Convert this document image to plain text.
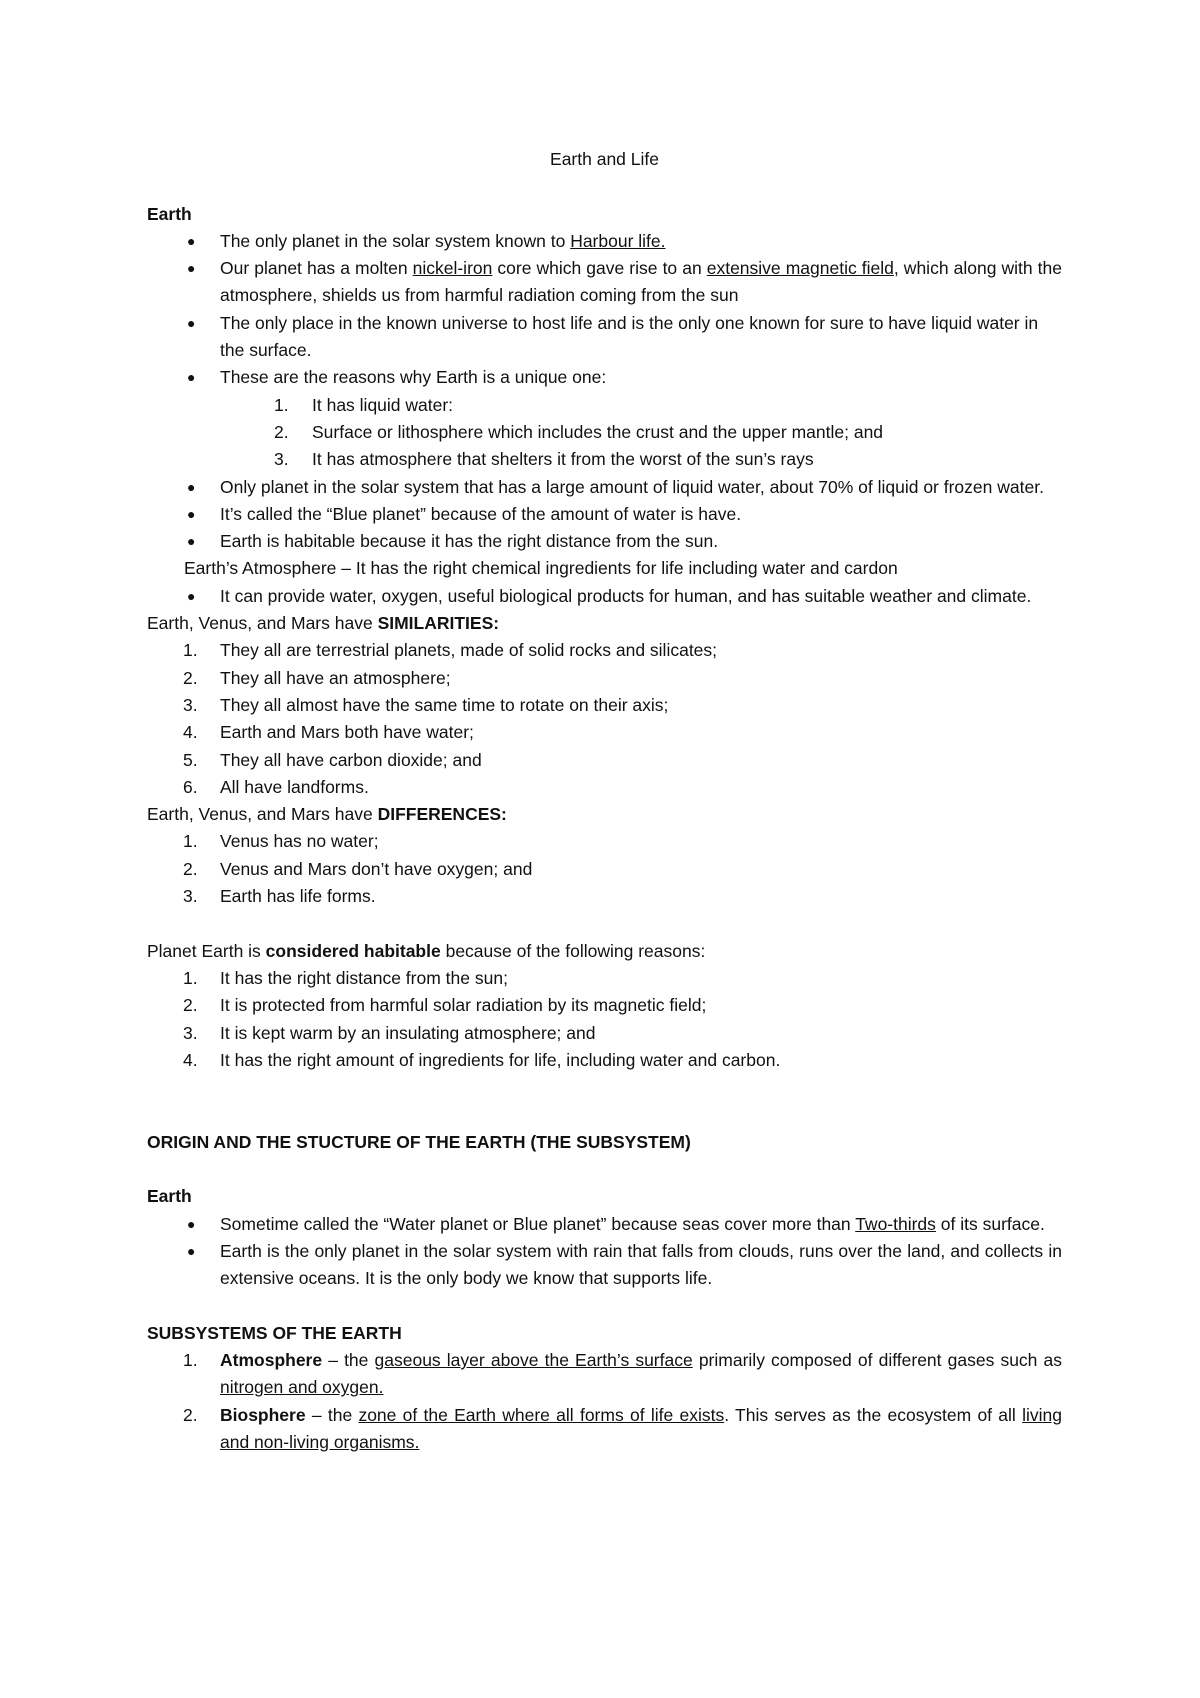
Earth and Life

Earth

● The only planet in the solar system known to Harbour life.
● Our planet has a molten nickel-iron core which gave rise to an extensive magnetic field, which along with the atmosphere, shields us from harmful radiation coming from the sun
● The only place in the known universe to host life and is the only one known for sure to have liquid water in the surface.
● These are the reasons why Earth is a unique one:
1. It has liquid water:
2. Surface or lithosphere which includes the crust and the upper mantle; and
3. It has atmosphere that shelters it from the worst of the sun’s rays
● Only planet in the solar system that has a large amount of liquid water, about 70% of liquid or frozen water.
● It’s called the “Blue planet” because of the amount of water is have.
● Earth is habitable because it has the right distance from the sun.

Earth’s Atmosphere – It has the right chemical ingredients for life including water and cardon

● It can provide water, oxygen, useful biological products for human, and has suitable weather and climate.

Earth, Venus, and Mars have SIMILARITIES:

1. They all are terrestrial planets, made of solid rocks and silicates;
2. They all have an atmosphere;
3. They all almost have the same time to rotate on their axis;
4. Earth and Mars both have water;
5. They all have carbon dioxide; and
6. All have landforms.

Earth, Venus, and Mars have DIFFERENCES:

1. Venus has no water;
2. Venus and Mars don’t have oxygen; and
3. Earth has life forms.

Planet Earth is considered habitable because of the following reasons:

1. It has the right distance from the sun;
2. It is protected from harmful solar radiation by its magnetic field;
3. It is kept warm by an insulating atmosphere; and
4. It has the right amount of ingredients for life, including water and carbon.

ORIGIN AND THE STUCTURE OF THE EARTH (THE SUBSYSTEM)

Earth

● Sometime called the “Water planet or Blue planet” because seas cover more than Two-thirds of its surface.
● Earth is the only planet in the solar system with rain that falls from clouds, runs over the land, and collects in extensive oceans. It is the only body we know that supports life.

SUBSYSTEMS OF THE EARTH

1. Atmosphere – the gaseous layer above the Earth’s surface primarily composed of different gases such as nitrogen and oxygen.
2. Biosphere – the zone of the Earth where all forms of life exists. This serves as the ecosystem of all living and non-living organisms.
